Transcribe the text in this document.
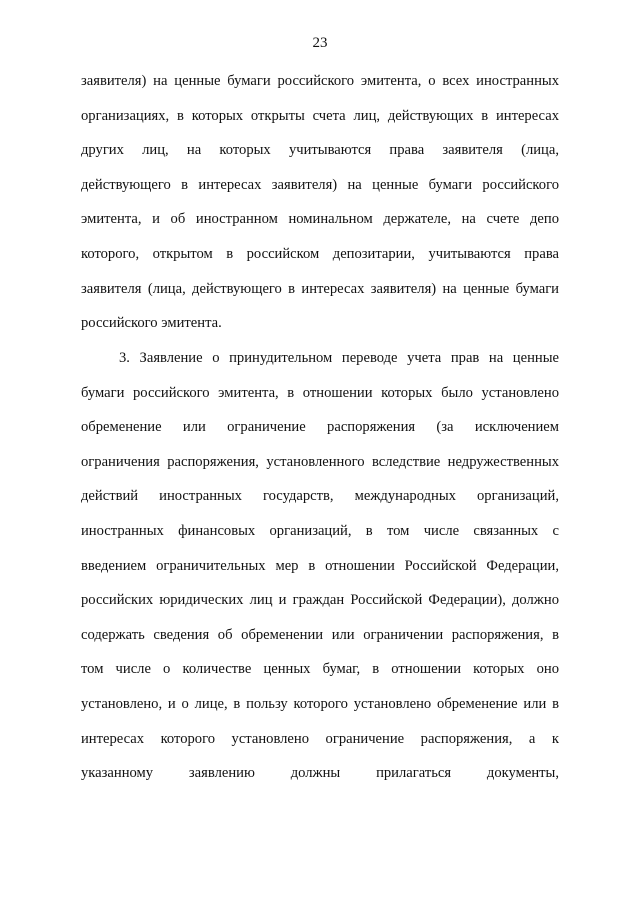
23
заявителя) на ценные бумаги российского эмитента, о всех иностранных
организациях, в которых открыты счета лиц, действующих в интересах
других лиц, на которых учитываются права заявителя (лица,
действующего в интересах заявителя) на ценные бумаги российского
эмитента, и об иностранном номинальном держателе, на счете депо
которого, открытом в российском депозитарии, учитываются права
заявителя (лица, действующего в интересах заявителя) на ценные бумаги
российского эмитента.
3. Заявление о принудительном переводе учета прав на ценные
бумаги российского эмитента, в отношении которых было установлено
обременение или ограничение распоряжения (за исключением
ограничения распоряжения, установленного вследствие недружественных
действий иностранных государств, международных организаций,
иностранных финансовых организаций, в том числе связанных с
введением ограничительных мер в отношении Российской Федерации,
российских юридических лиц и граждан Российской Федерации), должно
содержать сведения об обременении или ограничении распоряжения, в
том числе о количестве ценных бумаг, в отношении которых оно
установлено, и о лице, в пользу которого установлено обременение или в
интересах которого установлено ограничение распоряжения, а к
указанному заявлению должны прилагаться документы,
